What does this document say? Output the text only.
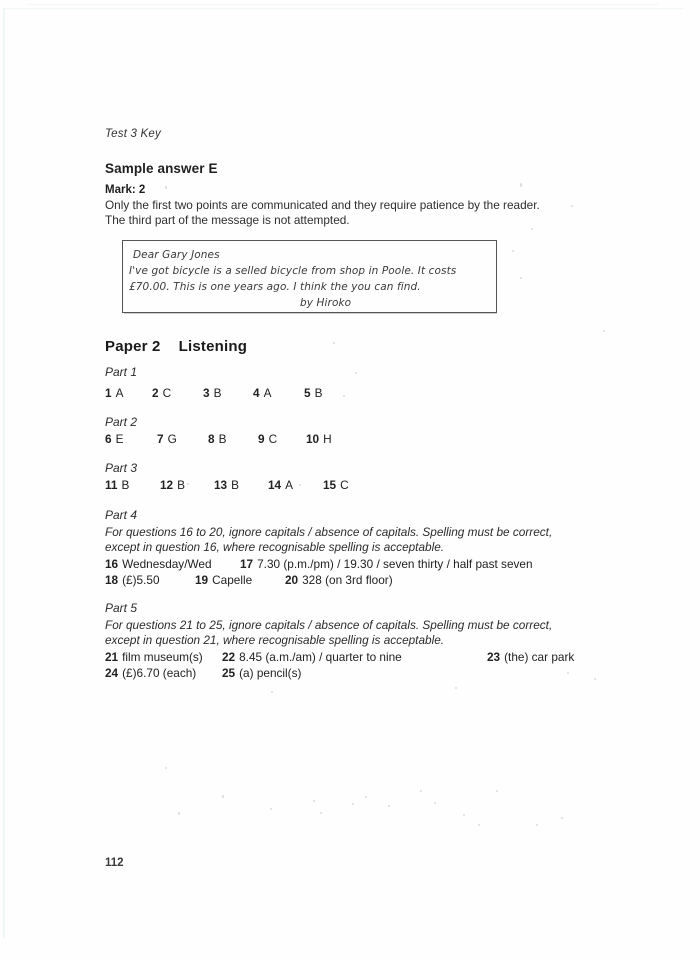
Test 3 Key
Sample answer E
Mark: 2
Only the first two points are communicated and they require patience by the reader.
The third part of the message is not attempted.
Dear Gary Jones
I've got bicycle is a selled bicycle from shop in Poole. It costs
£70.00. This is one years ago. I think the you can find.
by Hiroko
Paper 2 Listening
Part 1
1 A 2 C	3 B	4 A	5 B
Part 2
6 E	7 G	8 B	9 C 10 H
Part 3
11 B	12 B 13 B 14 A	15 C
Part 4
For questions 16 to 20, ignore capitals / absence of capitals. Spelling must be correct,
except in question 16, where recognisable spelling is acceptable.
16 Wednesday/Wed 17 7.30 (p.m./pm) / 19.30 / seven thirty / half past seven
18 (£)5.50	19 Capelle	20 328 (on 3rd floor)
Part 5
For questions 21 to 25, ignore capitals / absence of capitals. Spelling must be correct,
except in question 21, where recognisable spelling is acceptable.
21 film museum(s) 22 8.45 (a.m./am) / quarter to nine	23 (the) car park
24 (£)6.70 (each) 25 (a) pencil(s)
112
